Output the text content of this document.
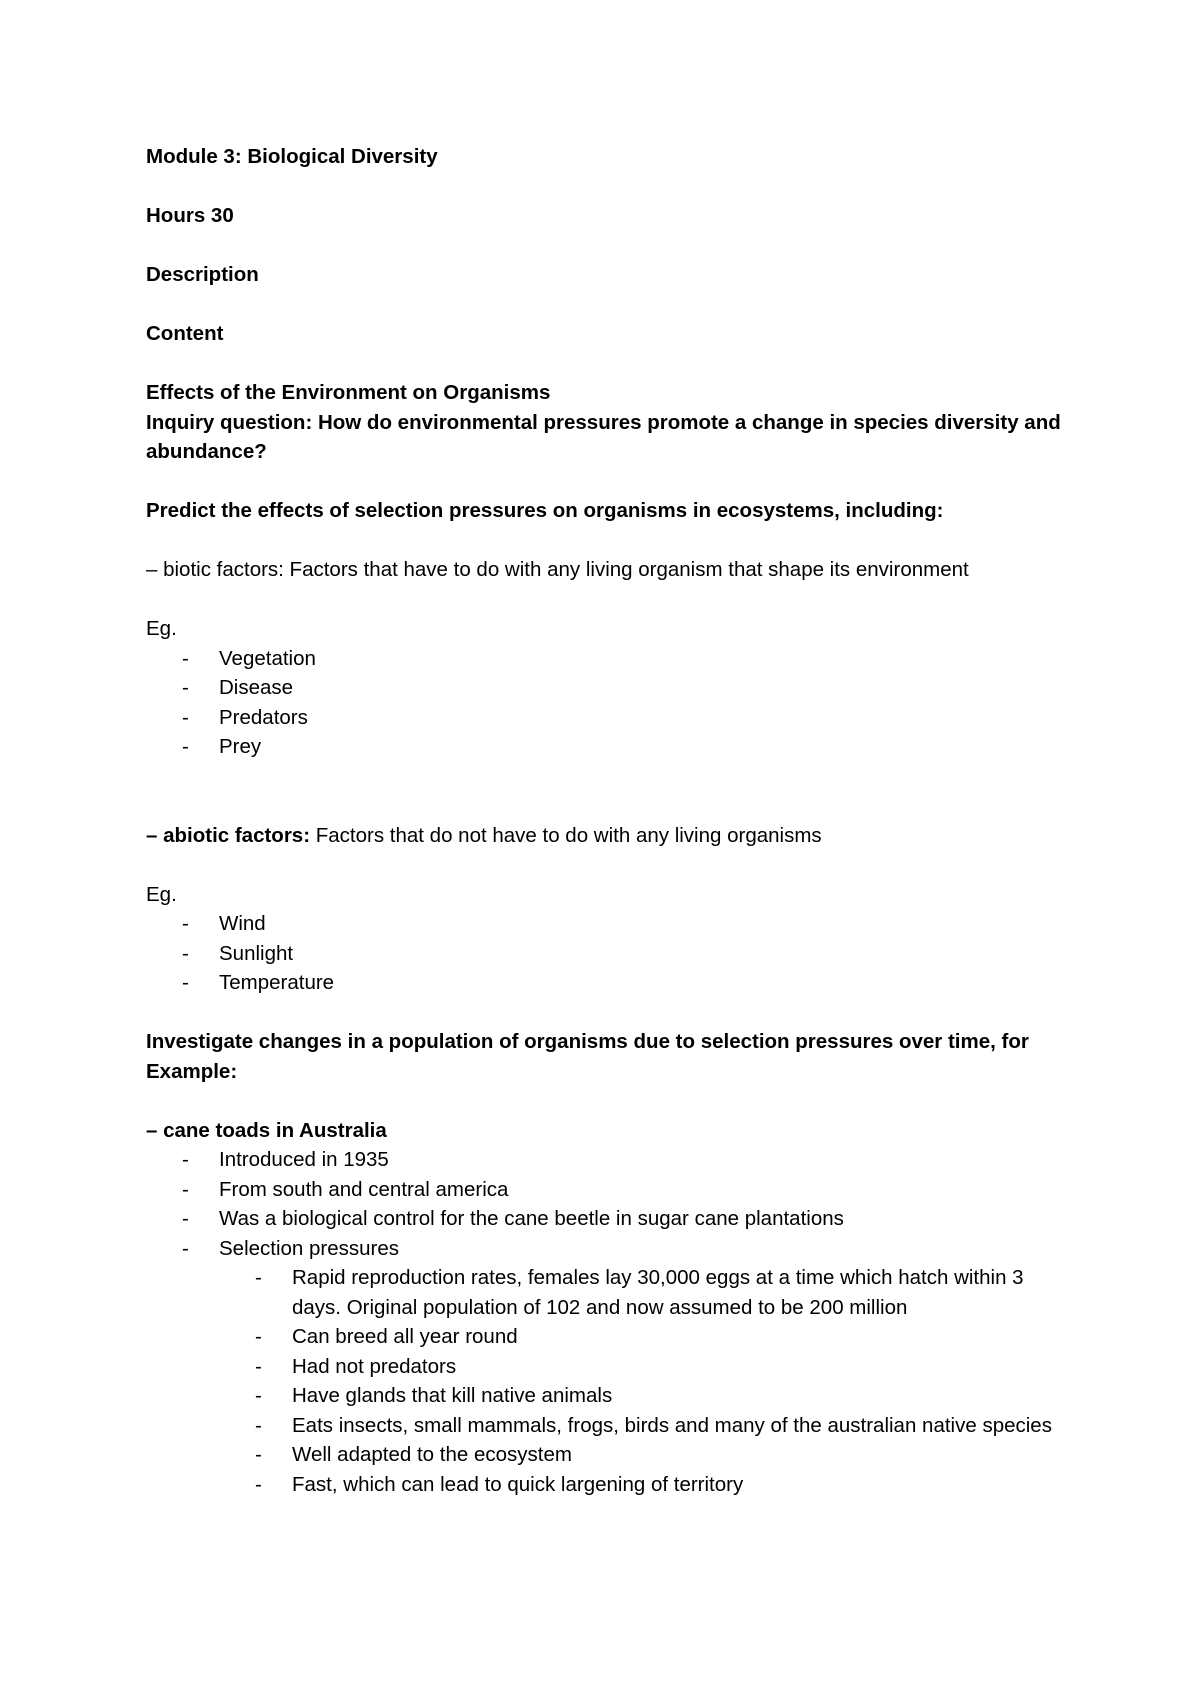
Module 3: Biological Diversity

Hours 30

Description

Content

Effects of the Environment on Organisms

Inquiry question: How do environmental pressures promote a change in species diversity and abundance?

Predict the effects of selection pressures on organisms in ecosystems, including:

– biotic factors: Factors that have to do with any living organism that shape its environment

Eg.

- Vegetation
- Disease
- Predators
- Prey

– abiotic factors: Factors that do not have to do with any living organisms

Eg.

- Wind
- Sunlight
- Temperature

Investigate changes in a population of organisms due to selection pressures over time, for

Example:

– cane toads in Australia

- Introduced in 1935
- From south and central america
- Was a biological control for the cane beetle in sugar cane plantations
- Selection pressures
- Rapid reproduction rates, females lay 30,000 eggs at a time which hatch within 3 days. Original population of 102 and now assumed to be 200 million
- Can breed all year round
- Had not predators
- Have glands that kill native animals
- Eats insects, small mammals, frogs, birds and many of the australian native species
- Well adapted to the ecosystem
- Fast, which can lead to quick largening of territory
